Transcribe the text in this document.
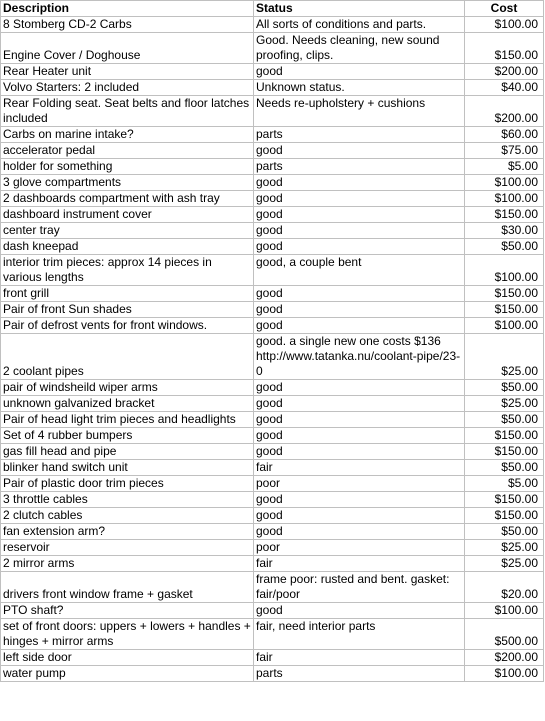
Description	Status	Cost
8 Stomberg CD-2 Carbs	All sorts of conditions and parts.	$100.00
Engine Cover / Doghouse	Good. Needs cleaning, new sound proofing, clips.	$150.00
Rear Heater unit	good	$200.00
Volvo Starters: 2 included	Unknown status.	$40.00
Rear Folding seat. Seat belts and floor latches included	Needs re-upholstery + cushions	$200.00
Carbs on marine intake?	parts	$60.00
accelerator pedal	good	$75.00
holder for something	parts	$5.00
3 glove compartments	good	$100.00
2 dashboards compartment with ash tray	good	$100.00
dashboard instrument cover	good	$150.00
center tray	good	$30.00
dash kneepad	good	$50.00
interior trim pieces: approx 14 pieces in various lengths	good, a couple bent	$100.00
front grill	good	$150.00
Pair of front Sun shades	good	$150.00
Pair of defrost vents for front windows.	good	$100.00
2 coolant pipes	good. a single new one costs $136 http://www.tatanka.nu/coolant-pipe/23-0	$25.00
pair of windsheild wiper arms	good	$50.00
unknown galvanized bracket	good	$25.00
Pair of head light trim pieces and headlights	good	$50.00
Set of 4 rubber bumpers	good	$150.00
gas fill head and pipe	good	$150.00
blinker hand switch unit	fair	$50.00
Pair of plastic door trim pieces	poor	$5.00
3 throttle cables	good	$150.00
2 clutch cables	good	$150.00
fan extension arm?	good	$50.00
reservoir	poor	$25.00
2 mirror arms	fair	$25.00
drivers front window frame + gasket	frame poor: rusted and bent. gasket: fair/poor	$20.00
PTO shaft?	good	$100.00
set of front doors: uppers + lowers + handles + hinges + mirror arms	fair, need interior parts	$500.00
left side door	fair	$200.00
water pump	parts	$100.00
